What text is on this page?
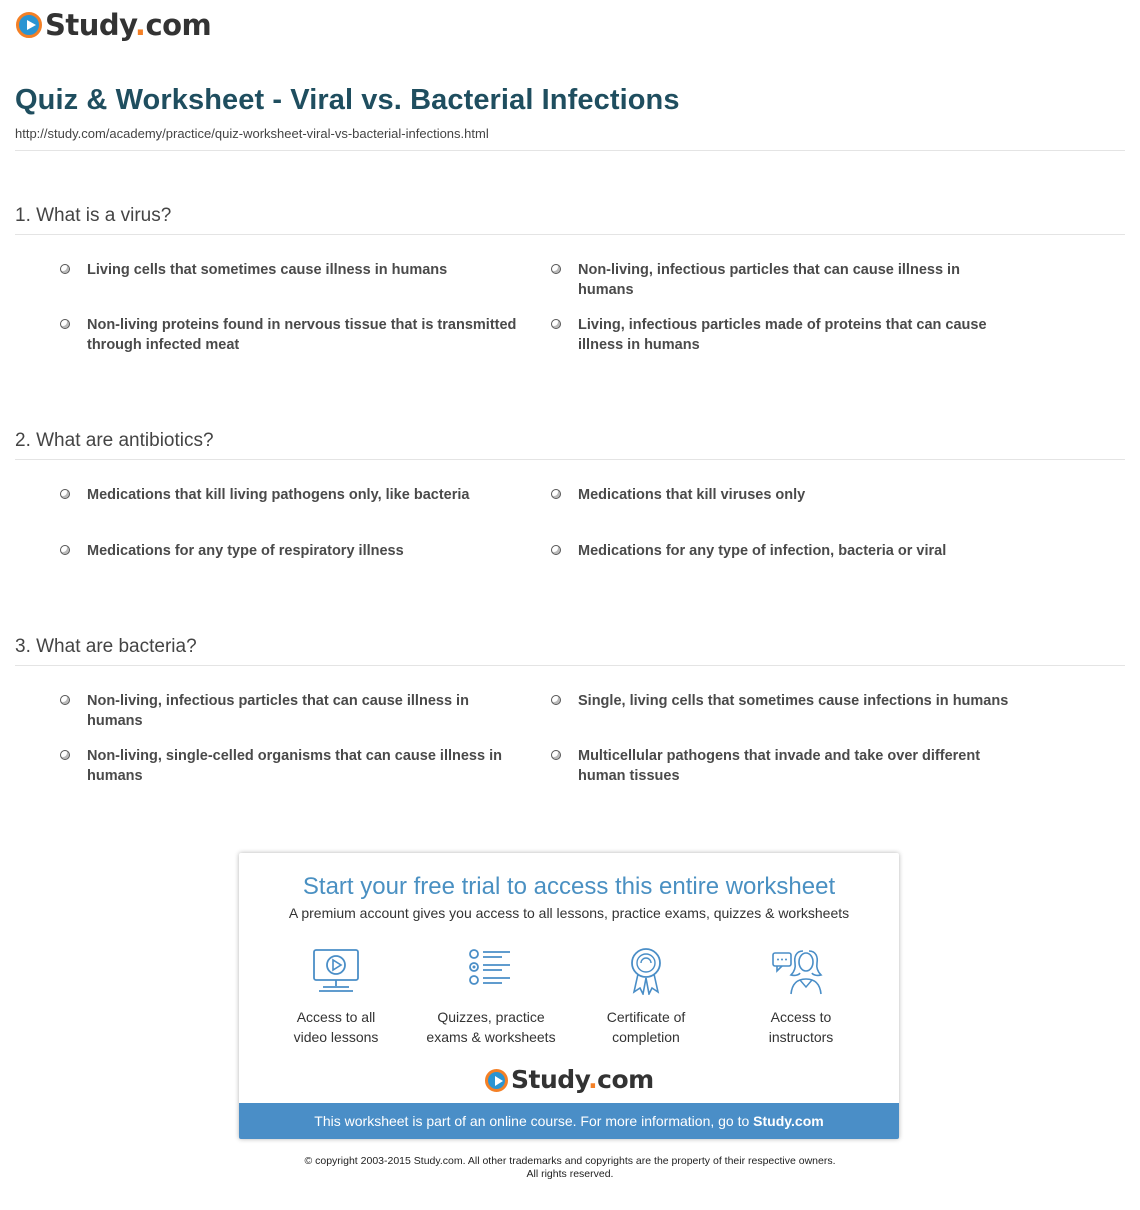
Study.com
Quiz & Worksheet - Viral vs. Bacterial Infections
http://study.com/academy/practice/quiz-worksheet-viral-vs-bacterial-infections.html
1. What is a virus?
Living cells that sometimes cause illness in humans	Non-living, infectious particles that can cause illness in humans
Non-living proteins found in nervous tissue that is transmitted through infected meat
Living, infectious particles made of proteins that can cause illness in humans
2. What are antibiotics?
Medications that kill living pathogens only, like bacteria	Medications that kill viruses only
Medications for any type of respiratory illness	Medications for any type of infection, bacteria or viral
3. What are bacteria?
Non-living, infectious particles that can cause illness in humans
Single, living cells that sometimes cause infections in humans
Non-living, single-celled organisms that can cause illness in humans
Multicellular pathogens that invade and take over different human tissues
Start your free trial to access this entire worksheet
A premium account gives you access to all lessons, practice exams, quizzes & worksheets
Access to all
video lessons
Quizzes, practice
exams & worksheets
Certificate of
completion
Access to
instructors
Study.com
This worksheet is part of an online course. For more information, go to Study.com
© copyright 2003-2015 Study.com. All other trademarks and copyrights are the property of their respective owners.
All rights reserved.
